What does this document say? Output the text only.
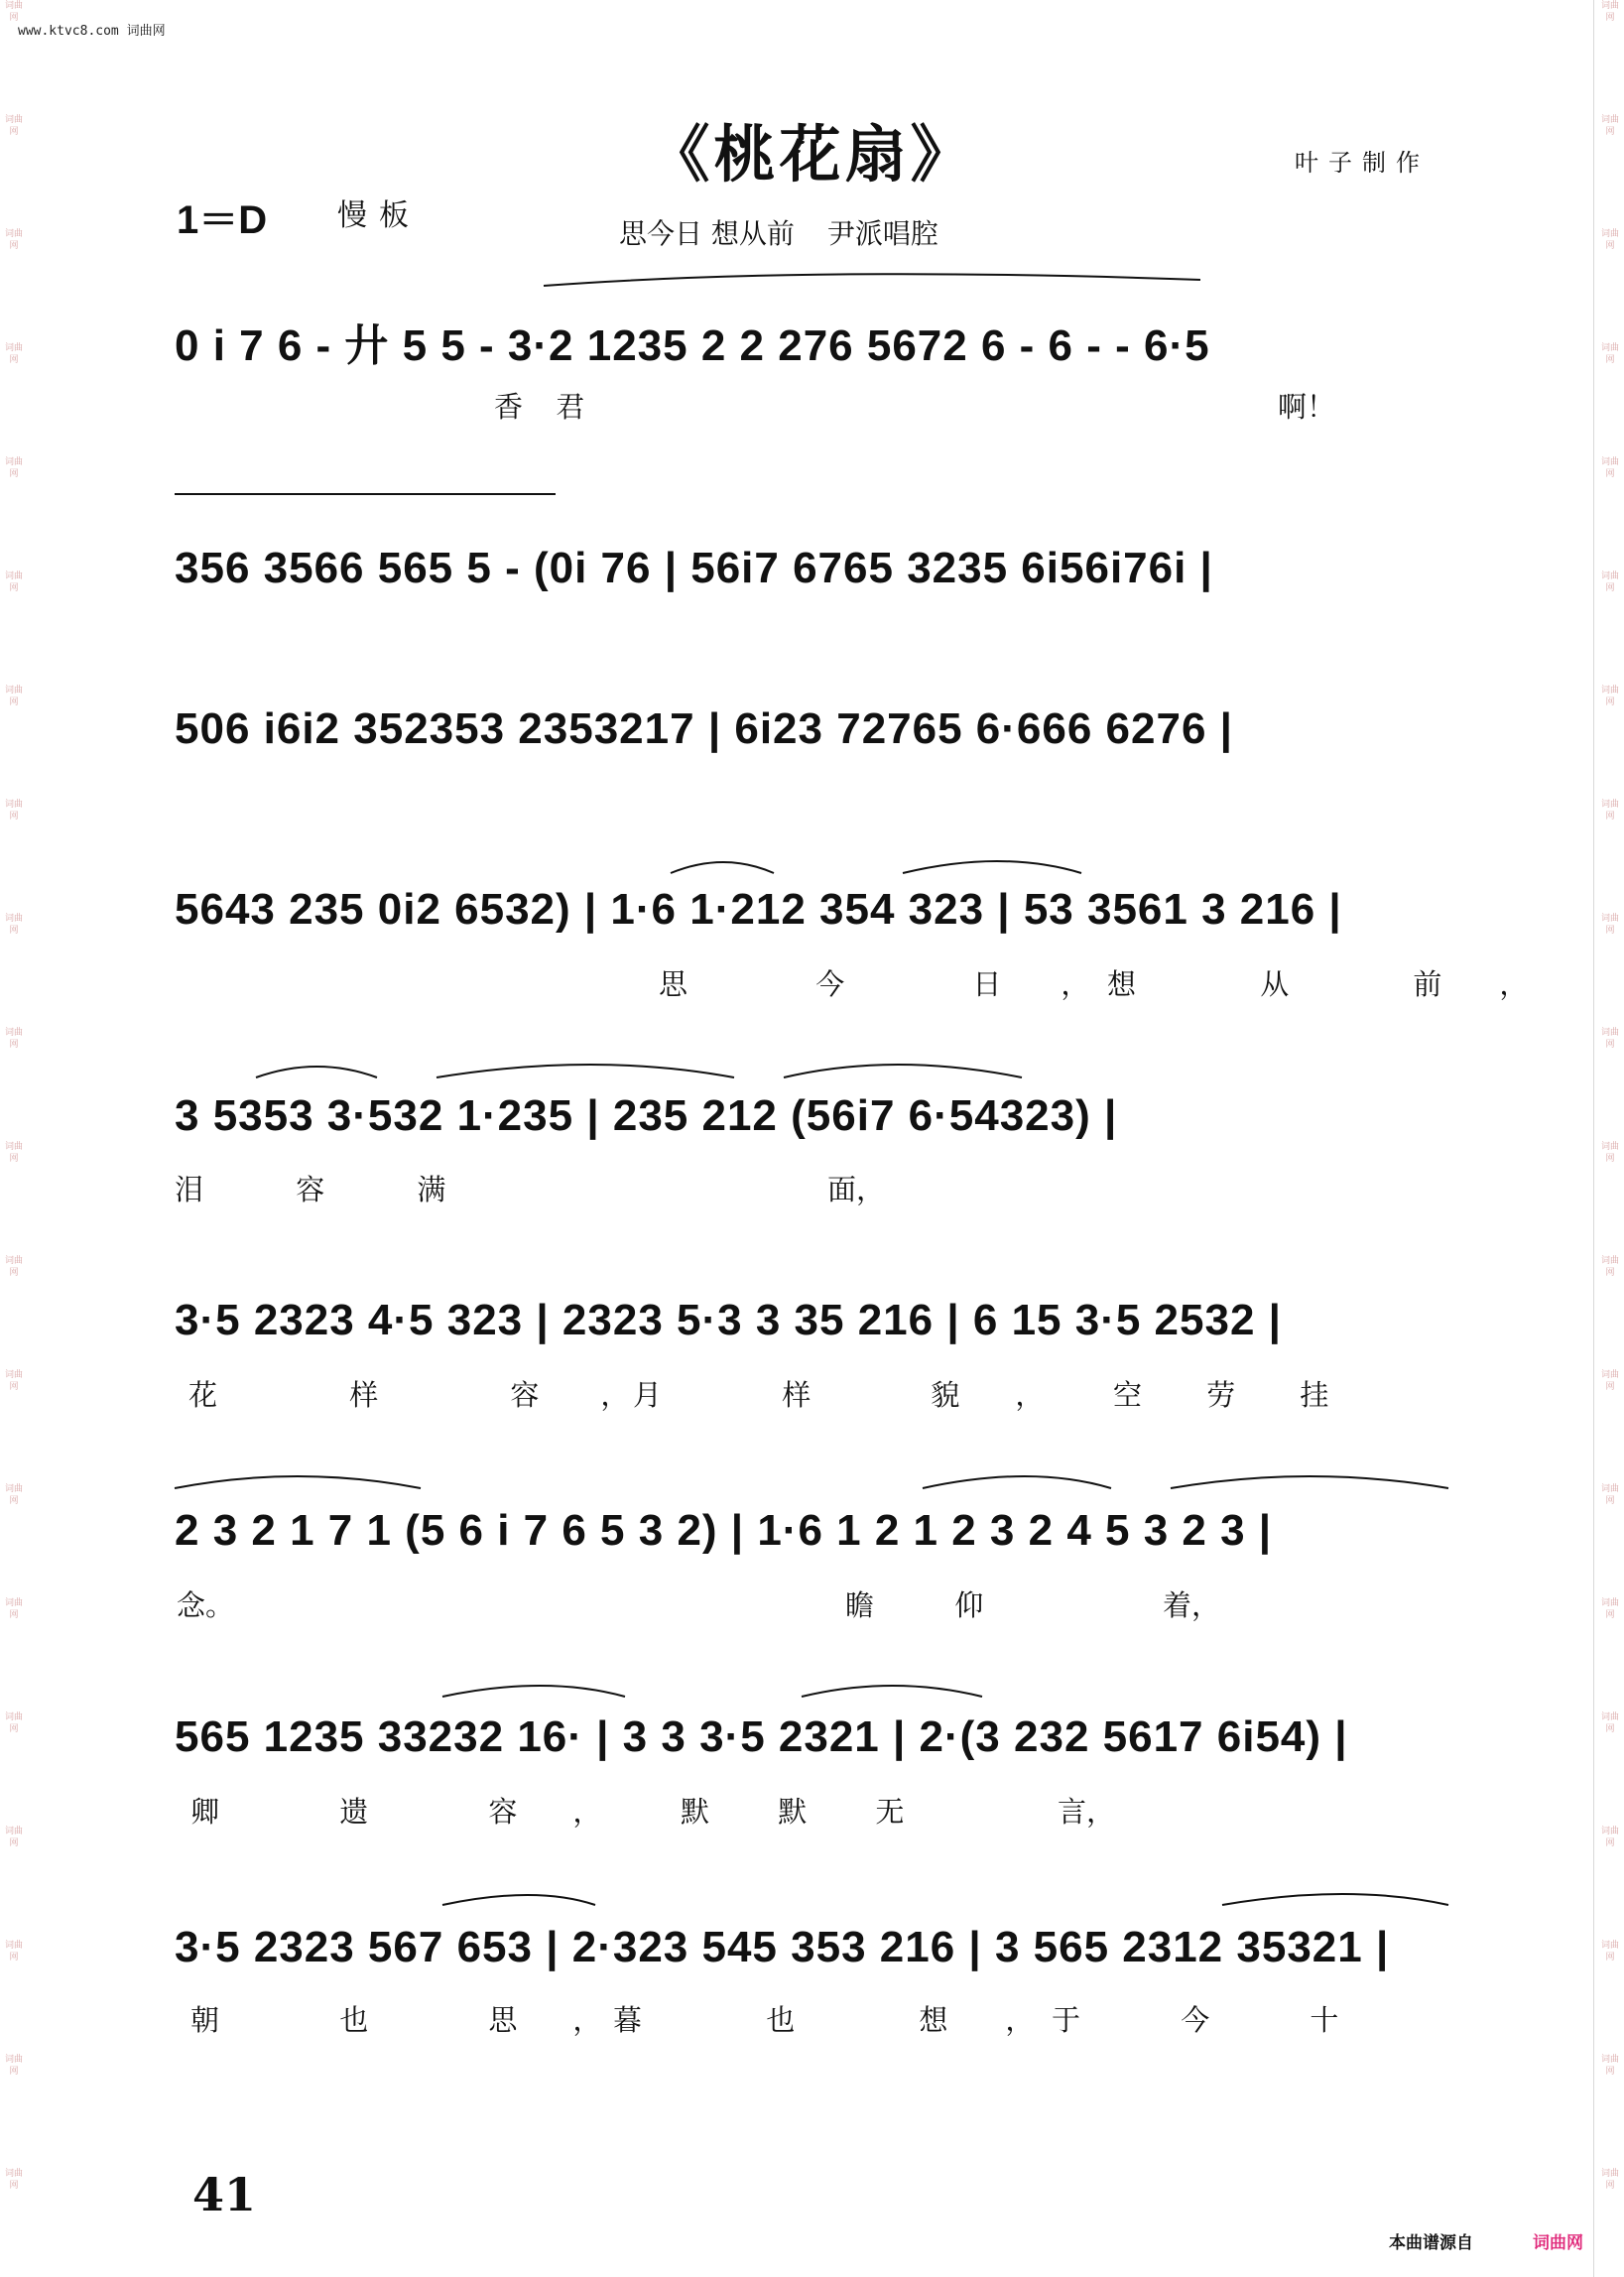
词曲网
词曲网
词曲网
词曲网
词曲网
词曲网
词曲网
词曲网
词曲网
词曲网
词曲网
词曲网
词曲网
词曲网
词曲网
词曲网
词曲网
词曲网
词曲网
词曲网
词曲网
词曲网
词曲网
词曲网
词曲网
词曲网
词曲网
词曲网
词曲网
词曲网
词曲网
词曲网
词曲网
词曲网
词曲网
词曲网
词曲网
词曲网
词曲网
词曲网
www.ktvc8.com 词曲网
《桃花扇》	叶子制作
1＝D 慢板
思今日 想从前 尹派唱腔
0 i 7 6 - 廾 5 5 - 3·2 1235 2 2 276 5672 6 - 6 - - 6·5
香 君	啊！
356 3566 565 5 - (0i 76 | 56i7 6765 3235 6i56i76i |
506 i6i2 352353 2353217 | 6i23 72765 6·666 6276 |
5643 235 0i2 6532) | 1·6 1·212 354 323 | 53 3561 3 216 |
思 今 日，
想 从 前，
3 5353 3·532 1·235 | 235 212 (56i7 6·54323) |
泪 容 满	面，
3·5 2323 4·5 323 | 2323 5·3 3 35 216 | 6 15 3·5 2532 |
花 样 容，
月 样 貌， 空 劳 挂
2 3 2 1 7 1 (5 6 i 7 6 5 3 2) | 1·6 1 2 1 2 3 2 4 5 3 2 3 |
念。	瞻 仰	着，
565 1235 33232 16· | 3 3 3·5 2321 | 2·(3 232 5617 6i54) |
卿 遗 容， 默 默 无	言，
3·5 2323 567 653 | 2·323 545 353 216 | 3 565 2312 35321 |
朝 也 思，
暮 也 想，
于 今 十
41
本曲谱源自	词曲网
